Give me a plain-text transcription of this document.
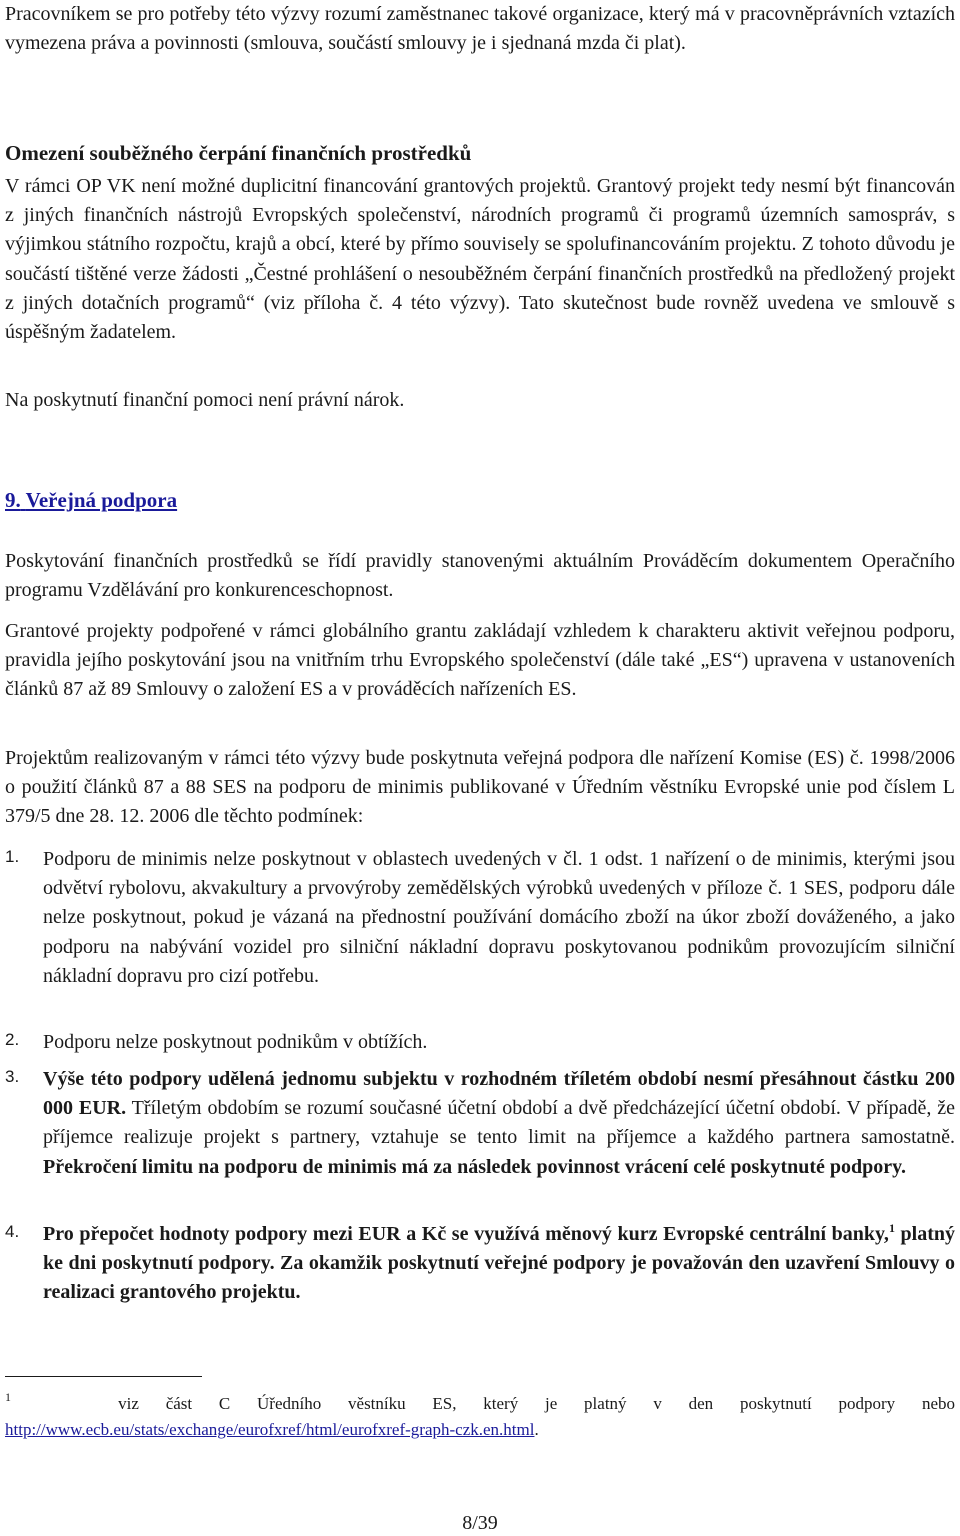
Pracovníkem se pro potřeby této výzvy rozumí zaměstnanec takové organizace, který má v pracovněprávních vztazích vymezena práva a povinnosti (smlouva, součástí smlouvy je i sjednaná mzda či plat).

Omezení souběžného čerpání finančních prostředků

V rámci OP VK není možné duplicitní financování grantových projektů. Grantový projekt tedy nesmí být financován z jiných finančních nástrojů Evropských společenství, národních programů či programů územních samospráv, s výjimkou státního rozpočtu, krajů a obcí, které by přímo souvisely se spolufinancováním projektu. Z tohoto důvodu je součástí tištěné verze žádosti „Čestné prohlášení o nesouběžném čerpání finančních prostředků na předložený projekt z jiných dotačních programů“ (viz příloha č. 4 této výzvy). Tato skutečnost bude rovněž uvedena ve smlouvě s úspěšným žadatelem.

Na poskytnutí finanční pomoci není právní nárok.

9. Veřejná podpora

Poskytování finančních prostředků se řídí pravidly stanovenými aktuálním Prováděcím dokumentem Operačního programu Vzdělávání pro konkurenceschopnost.

Grantové projekty podpořené v rámci globálního grantu zakládají vzhledem k charakteru aktivit veřejnou podporu, pravidla jejího poskytování jsou na vnitřním trhu Evropského společenství (dále také „ES“) upravena v ustanoveních článků 87 až 89 Smlouvy o založení ES a v prováděcích nařízeních ES.

Projektům realizovaným v rámci této výzvy bude poskytnuta veřejná podpora dle nařízení Komise (ES) č. 1998/2006 o použití článků 87 a 88 SES na podporu de minimis publikované v Úředním věstníku Evropské unie pod číslem L 379/5 dne 28. 12. 2006 dle těchto podmínek:

1. Podporu de minimis nelze poskytnout v oblastech uvedených v čl. 1 odst. 1 nařízení o de minimis, kterými jsou odvětví rybolovu, akvakultury a prvovýroby zemědělských výrobků uvedených v příloze č. 1 SES, podporu dále nelze poskytnout, pokud je vázaná na přednostní používání domácího zboží na úkor zboží dováženého, a jako podporu na nabývání vozidel pro silniční nákladní dopravu poskytovanou podnikům provozujícím silniční nákladní dopravu pro cizí potřebu.

2. Podporu nelze poskytnout podnikům v obtížích.

3. Výše této podpory udělená jednomu subjektu v rozhodném tříletém období nesmí přesáhnout částku 200 000 EUR. Tříletým obdobím se rozumí současné účetní období a dvě předcházející účetní období. V případě, že příjemce realizuje projekt s partnery, vztahuje se tento limit na příjemce a každého partnera samostatně. Překročení limitu na podporu de minimis má za následek povinnost vrácení celé poskytnuté podpory.

4. Pro přepočet hodnoty podpory mezi EUR a Kč se využívá měnový kurz Evropské centrální banky,$^1$ platný ke dni poskytnutí podpory. Za okamžik poskytnutí veřejné podpory je považován den uzavření Smlouvy o realizaci grantového projektu.

$^1$	viz část C Úředního věstníku ES, který je platný v den poskytnutí podpory nebo

http://www.ecb.eu/stats/exchange/eurofxref/html/eurofxref-graph-czk.en.html.

8/39
